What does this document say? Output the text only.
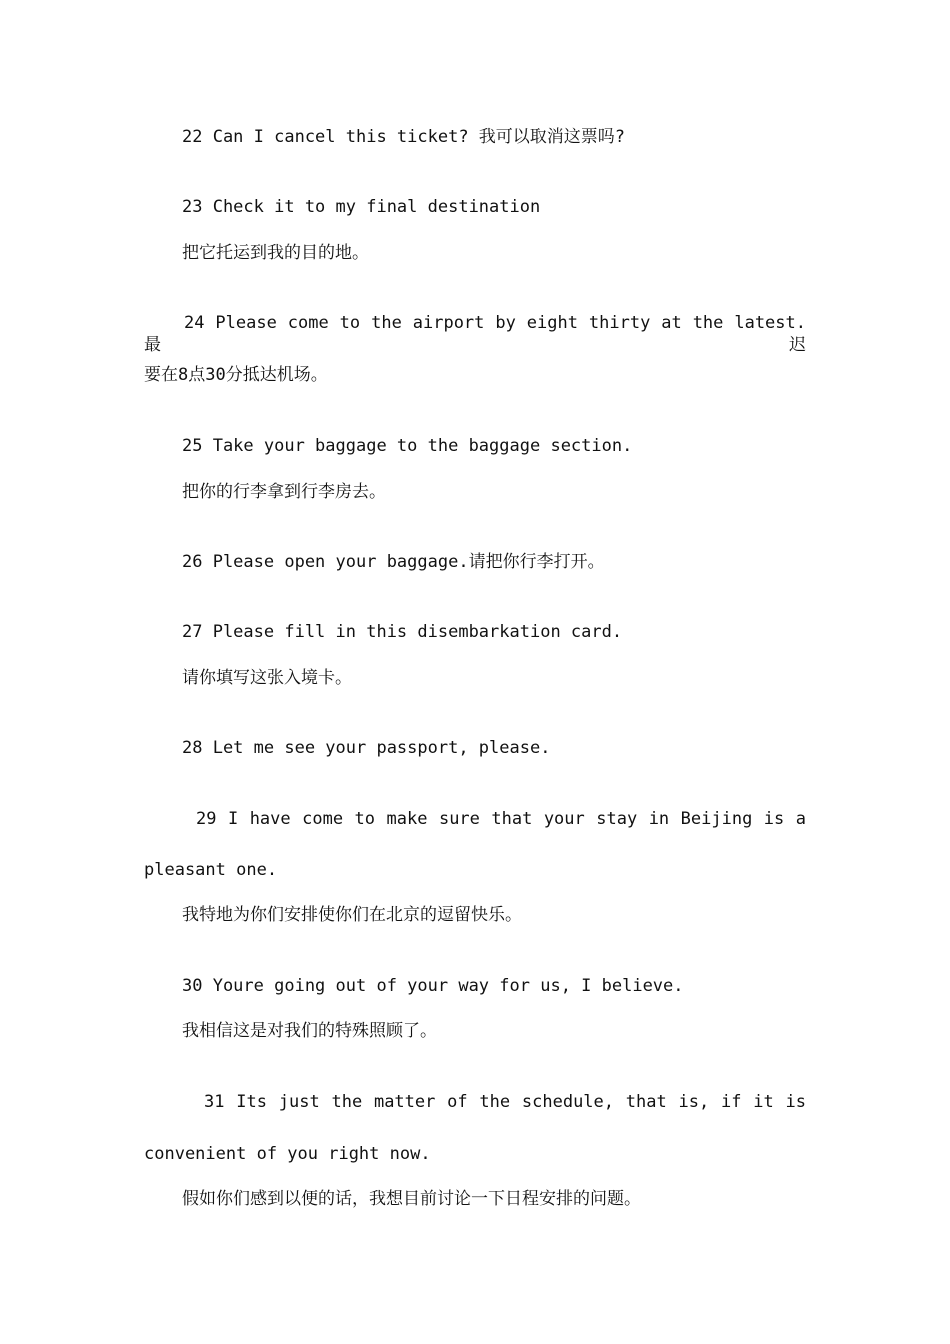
22 Can I cancel this ticket? 我可以取消这票吗?
23 Check it to my final destination
把它托运到我的目的地。
24 Please come to the airport by eight thirty at the latest.最迟
要在8点30分抵达机场。
25 Take your baggage to the baggage section.
把你的行李拿到行李房去。
26 Please open your baggage.请把你行李打开。
27 Please fill in this disembarkation card.
请你填写这张入境卡。
28 Let me see your passport, please.
29 I have come to make sure that your stay in Beijing is a
pleasant one.
我特地为你们安排使你们在北京的逗留快乐。
30 Youre going out of your way for us, I believe.
我相信这是对我们的特殊照顾了。
31 Its just the matter of the schedule, that is, if it is
convenient of you right now.
假如你们感到以便的话，我想目前讨论一下日程安排的问题。
